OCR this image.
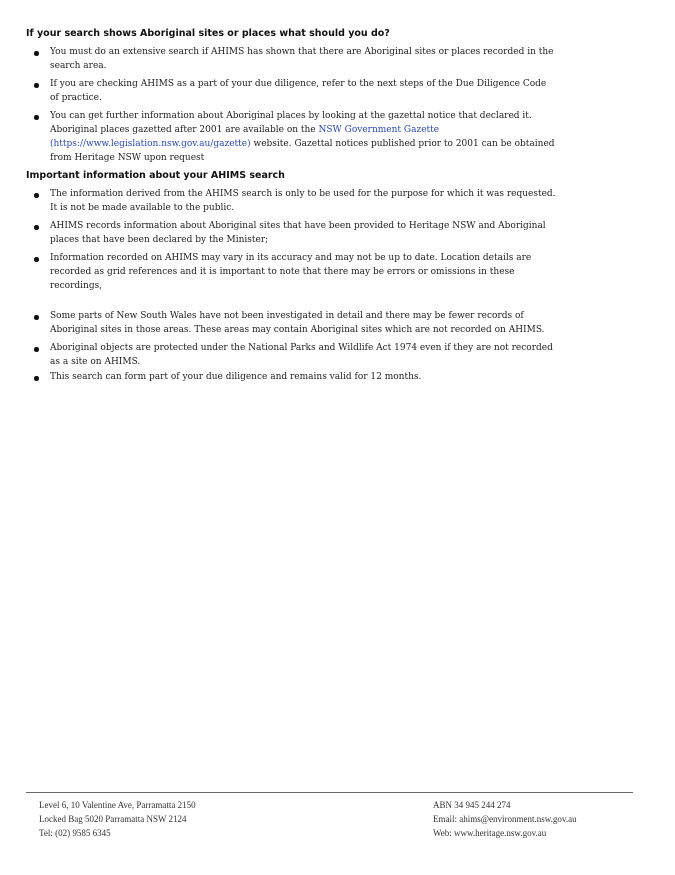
If your search shows Aboriginal sites or places what should you do?
You must do an extensive search if AHIMS has shown that there are Aboriginal sites or places recorded in the search area.
If you are checking AHIMS as a part of your due diligence, refer to the next steps of the Due Diligence Code of practice.
You can get further information about Aboriginal places by looking at the gazettal notice that declared it. Aboriginal places gazetted after 2001 are available on the NSW Government Gazette (https://www.legislation.nsw.gov.au/gazette) website. Gazettal notices published prior to 2001 can be obtained from Heritage NSW upon request
Important information about your AHIMS search
The information derived from the AHIMS search is only to be used for the purpose for which it was requested. It is not be made available to the public.
AHIMS records information about Aboriginal sites that have been provided to Heritage NSW and Aboriginal places that have been declared by the Minister;
Information recorded on AHIMS may vary in its accuracy and may not be up to date. Location details are recorded as grid references and it is important to note that there may be errors or omissions in these recordings,
Some parts of New South Wales have not been investigated in detail and there may be fewer records of Aboriginal sites in those areas. These areas may contain Aboriginal sites which are not recorded on AHIMS.
Aboriginal objects are protected under the National Parks and Wildlife Act 1974 even if they are not recorded as a site on AHIMS.
This search can form part of your due diligence and remains valid for 12 months.
Level 6, 10 Valentine Ave, Parramatta 2150
Locked Bag 5020 Parramatta NSW 2124
Tel: (02) 9585 6345
ABN 34 945 244 274
Email: ahims@environment.nsw.gov.au
Web: www.heritage.nsw.gov.au
